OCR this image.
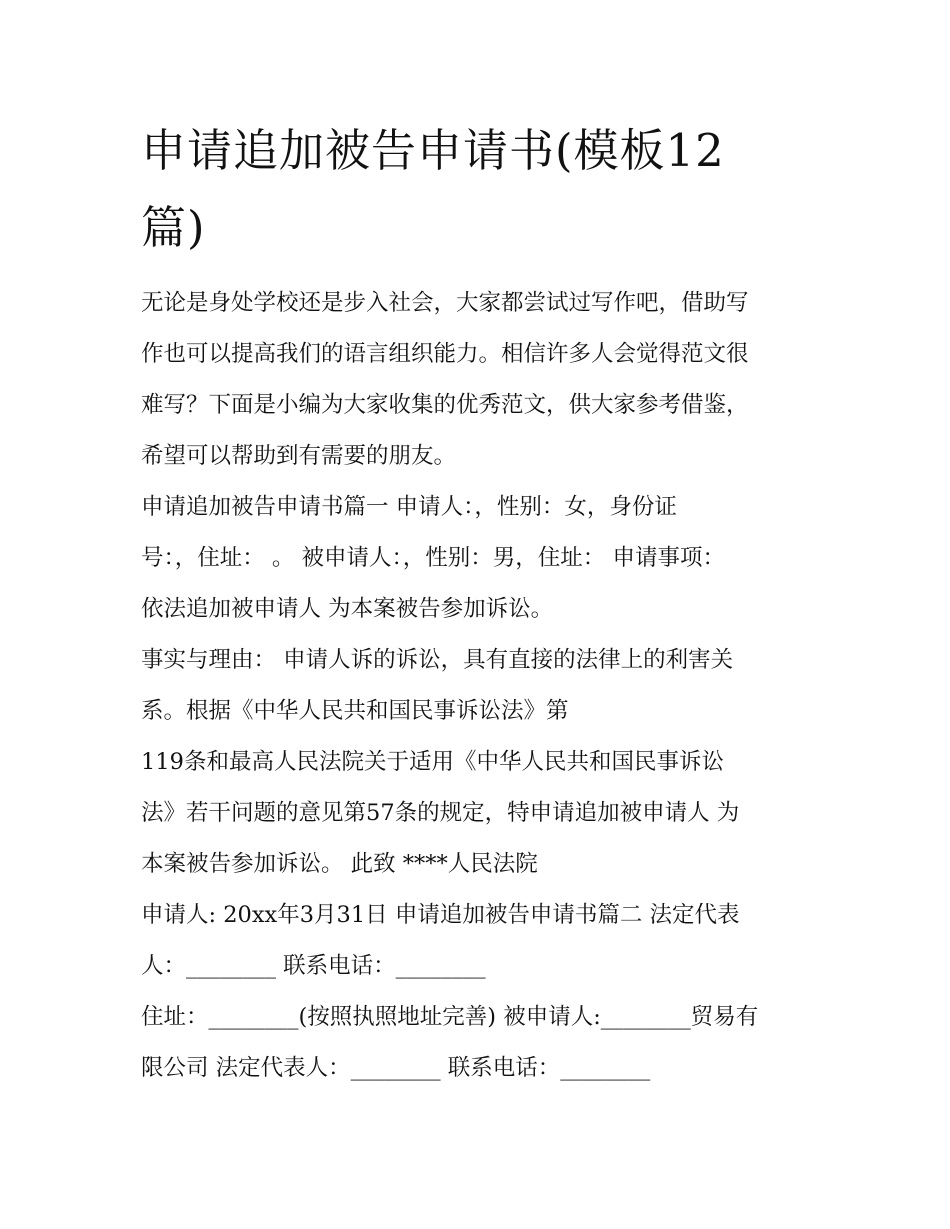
申请追加被告申请书(模板12
篇)
无论是身处学校还是步入社会，大家都尝试过写作吧，借助写
作也可以提高我们的语言组织能力。相信许多人会觉得范文很
难写？下面是小编为大家收集的优秀范文，供大家参考借鉴，
希望可以帮助到有需要的朋友。
申请追加被告申请书篇一 申请人：，性别：女，身份证
号：，住址： 。 被申请人：，性别：男，住址： 申请事项：
依法追加被申请人 为本案被告参加诉讼。
事实与理由： 申请人诉的诉讼，具有直接的法律上的利害关
系。根据《中华人民共和国民事诉讼法》第
119条和最高人民法院关于适用《中华人民共和国民事诉讼
法》若干问题的意见第57条的规定，特申请追加被申请人 为
本案被告参加诉讼。 此致 ****人民法院
申请人: 20xx年3月31日 申请追加被告申请书篇二 法定代表
人：________ 联系电话：________
住址：________(按照执照地址完善) 被申请人:________贸易有
限公司 法定代表人：________ 联系电话：________
